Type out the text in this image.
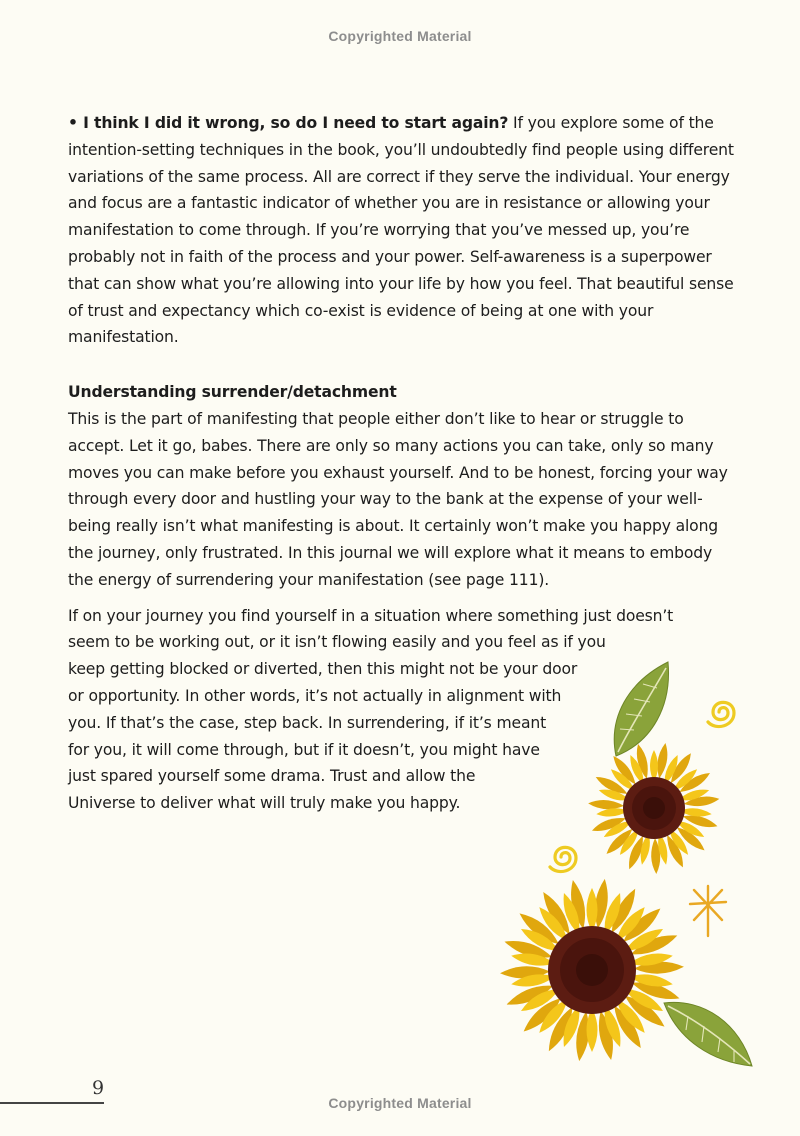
Copyrighted Material

• I think I did it wrong, so do I need to start again? If you explore some of the intention-setting techniques in the book, you’ll undoubtedly find people using different variations of the same process. All are correct if they serve the individual. Your energy and focus are a fantastic indicator of whether you are in resistance or allowing your manifestation to come through. If you’re worrying that you’ve messed up, you’re probably not in faith of the process and your power. Self-awareness is a superpower that can show what you’re allowing into your life by how you feel. That beautiful sense of trust and expectancy which co-exist is evidence of being at one with your manifestation.

Understanding surrender/detachment

This is the part of manifesting that people either don’t like to hear or struggle to accept. Let it go, babes. There are only so many actions you can take, only so many moves you can make before you exhaust yourself. And to be honest, forcing your way through every door and hustling your way to the bank at the expense of your well-being really isn’t what manifesting is about. It certainly won’t make you happy along the journey, only frustrated. In this journal we will explore what it means to embody the energy of surrendering your manifestation (see page 111).

If on your journey you find yourself in a situation where something just doesn’t
seem to be working out, or it isn’t flowing easily and you feel as if you
keep getting blocked or diverted, then this might not be your door
or opportunity. In other words, it’s not actually in alignment with
you. If that’s the case, step back. In surrendering, if it’s meant
for you, it will come through, but if it doesn’t, you might have
just spared yourself some drama. Trust and allow the
Universe to deliver what will truly make you happy.

9
Copyrighted Material
